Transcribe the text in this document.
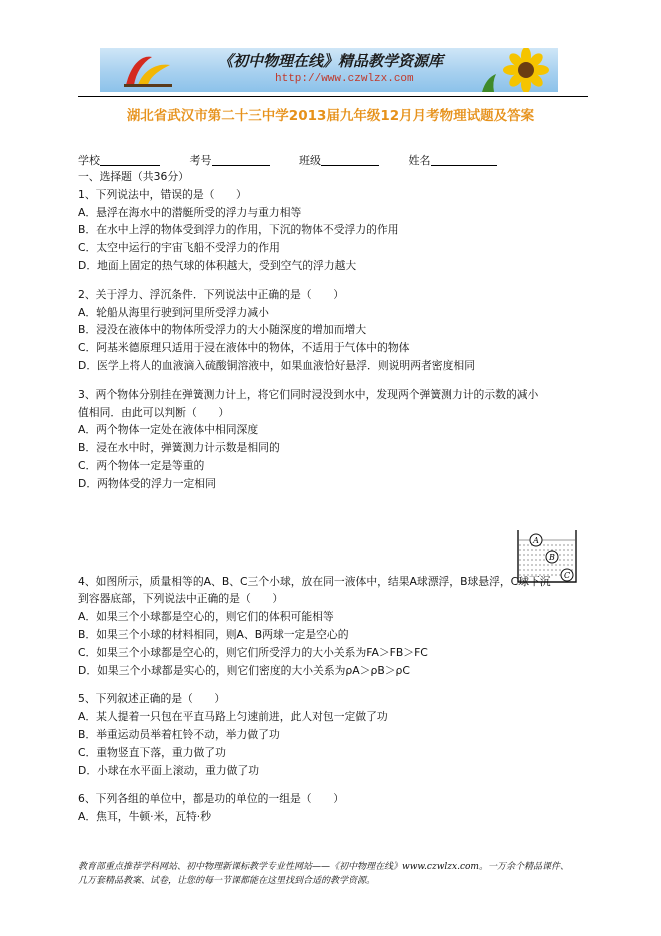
《初中物理在线》精品教学资源库
http://www.czwlzx.com
湖北省武汉市第二十三中学2013届九年级12月月考物理试题及答案
学校	考号	班级	姓名
一、选择题（共36分）
1、下列说法中，错误的是（　　）
A．悬浮在海水中的潜艇所受的浮力与重力相等
B．在水中上浮的物体受到浮力的作用，下沉的物体不受浮力的作用
C．太空中运行的宇宙飞船不受浮力的作用
D．地面上固定的热气球的体积越大，受到空气的浮力越大
2、关于浮力、浮沉条件．下列说法中正确的是（　　）
A．轮船从海里行驶到河里所受浮力减小
B．浸没在液体中的物体所受浮力的大小随深度的增加而增大
C．阿基米德原理只适用于浸在液体中的物体，不适用于气体中的物体
D．医学上将人的血液滴入硫酸铜溶液中，如果血液恰好悬浮．则说明两者密度相同
3、两个物体分别挂在弹簧测力计上，将它们同时浸没到水中，发现两个弹簧测力计的示数的减小
值相同．由此可以判断（　　）
A．两个物体一定处在液体中相同深度
B．浸在水中时，弹簧测力计示数是相同的
C．两个物体一定是等重的
D．两物体受的浮力一定相同
4、如图所示，质量相等的A、B、C三个小球，放在同一液体中，结果A球漂浮，B球悬浮，C球下沉
到容器底部，下列说法中正确的是（　　）
A．如果三个小球都是空心的，则它们的体积可能相等
B．如果三个小球的材料相同，则A、B两球一定是空心的
C．如果三个小球都是空心的，则它们所受浮力的大小关系为FA＞FB＞FC
D．如果三个小球都是实心的，则它们密度的大小关系为ρA＞ρB＞ρC
5、下列叙述正确的是（　　）
A．某人提着一只包在平直马路上匀速前进，此人对包一定做了功
B．举重运动员举着杠铃不动，举力做了功
C．重物竖直下落，重力做了功
D．小球在水平面上滚动，重力做了功
6、下列各组的单位中，都是功的单位的一组是（　　）
A．焦耳，牛顿·米，瓦特·秒
A
B
C
教育部重点推荐学科网站、初中物理新课标教学专业性网站——《初中物理在线》www.czwlzx.com。一万余个精品课件、
几万套精品教案、试卷，让您的每一节课都能在这里找到合适的教学资源。
